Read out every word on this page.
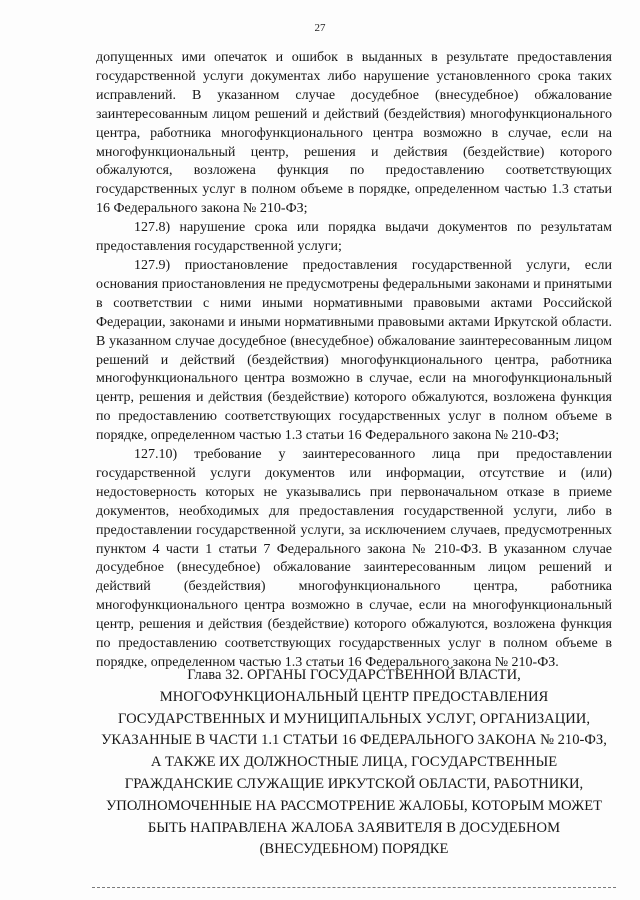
27

допущенных ими опечаток и ошибок в выданных в результате предоставления государственной услуги документах либо нарушение установленного срока таких исправлений. В указанном случае досудебное (внесудебное) обжалование заинтересованным лицом решений и действий (бездействия) многофункционального центра, работника многофункционального центра возможно в случае, если на многофункциональный центр, решения и действия (бездействие) которого обжалуются, возложена функция по предоставлению соответствующих государственных услуг в полном объеме в порядке, определенном частью 1.3 статьи 16 Федерального закона № 210-ФЗ;

127.8) нарушение срока или порядка выдачи документов по результатам предоставления государственной услуги;

127.9) приостановление предоставления государственной услуги, если основания приостановления не предусмотрены федеральными законами и принятыми в соответствии с ними иными нормативными правовыми актами Российской Федерации, законами и иными нормативными правовыми актами Иркутской области. В указанном случае досудебное (внесудебное) обжалование заинтересованным лицом решений и действий (бездействия) многофункционального центра, работника многофункционального центра возможно в случае, если на многофункциональный центр, решения и действия (бездействие) которого обжалуются, возложена функция по предоставлению соответствующих государственных услуг в полном объеме в порядке, определенном частью 1.3 статьи 16 Федерального закона № 210-ФЗ;

127.10) требование у заинтересованного лица при предоставлении государственной услуги документов или информации, отсутствие и (или) недостоверность которых не указывались при первоначальном отказе в приеме документов, необходимых для предоставления государственной услуги, либо в предоставлении государственной услуги, за исключением случаев, предусмотренных пунктом 4 части 1 статьи 7 Федерального закона № 210-ФЗ. В указанном случае досудебное (внесудебное) обжалование заинтересованным лицом решений и действий (бездействия) многофункционального центра, работника многофункционального центра возможно в случае, если на многофункциональный центр, решения и действия (бездействие) которого обжалуются, возложена функция по предоставлению соответствующих государственных услуг в полном объеме в порядке, определенном частью 1.3 статьи 16 Федерального закона № 210-ФЗ.

Глава 32. ОРГАНЫ ГОСУДАРСТВЕННОЙ ВЛАСТИ, МНОГОФУНКЦИОНАЛЬНЫЙ ЦЕНТР ПРЕДОСТАВЛЕНИЯ ГОСУДАРСТВЕННЫХ И МУНИЦИПАЛЬНЫХ УСЛУГ, ОРГАНИЗАЦИИ, УКАЗАННЫЕ В ЧАСТИ 1.1 СТАТЬИ 16 ФЕДЕРАЛЬНОГО ЗАКОНА № 210-ФЗ, А ТАКЖЕ ИХ ДОЛЖНОСТНЫЕ ЛИЦА, ГОСУДАРСТВЕННЫЕ ГРАЖДАНСКИЕ СЛУЖАЩИЕ ИРКУТСКОЙ ОБЛАСТИ, РАБОТНИКИ, УПОЛНОМОЧЕННЫЕ НА РАССМОТРЕНИЕ ЖАЛОБЫ, КОТОРЫМ МОЖЕТ БЫТЬ НАПРАВЛЕНА ЖАЛОБА ЗАЯВИТЕЛЯ В ДОСУДЕБНОМ (ВНЕСУДЕБНОМ) ПОРЯДКЕ
